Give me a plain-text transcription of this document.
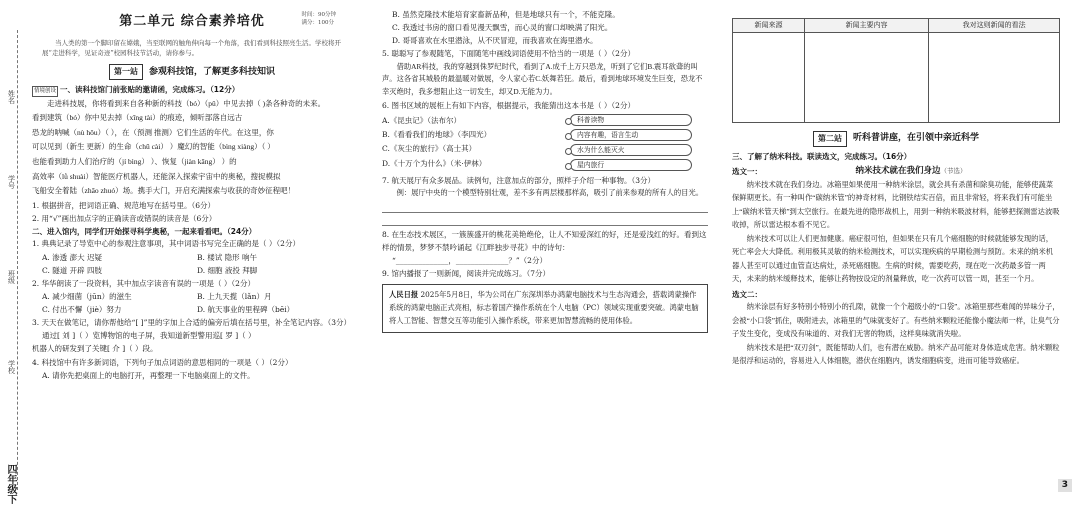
姓名
学号
班级
学校
四年级下
第二单元 综合素养培优	时间：90分钟
满分：100分
当人类的第一个脚印留在嫦娥，当至联网的触角伸向每一个角落，我们看到科技照亮生活。学校将开展“走进科学，见证奇迹”校园科技节活动，请你参与。
第一站	参观科技馆，了解更多科技知识
情境创设 一、读科技馆门前张贴的邀请函，完成练习。（12分）
走进科技展，你将看到来自各种新的科技（bó）（pǔ）中见去掉（ )条各种奇的未来。
看到建筑（bó）你中见去掉（xīng tài）的痕迹，倾听部落自远古
恐龙的呐喊（nù hǒu）（ ），在（预测 推测）它们生活的年代。在这里，你
可以见到（新生 更新）的生命（chū cài） ）魔幻的智能（bìng xiàng）（ ）
也能看到助力人们治疗的（jí bìng） ）、恢复（jiàn kāng） ）的
高效率（lǜ shuài）智能医疗机器人，还能深入探索宇宙中的奥秘，搜捉模拟
飞船安全着陆（zhāo zhuó）场。携手大门，开启充满探索与收获的奇妙征程吧！
1. 根据拼音，把词语正确、规范地写在括号里。（6分）
2. 用“√”画出加点字的正确读音或错误的读音是（6分）
二、进入馆内，同学们开始探寻科学奥秘，一起来看看吧。（24分）
1. 典典记录了导览中心的参观注意事项，其中词语书写完全正确的是（ ）（2分）
A. 渗透 澎大 迟疑	B. 楼试 隐形 响午
C. 隧道 开辟 四肢	D. 细胞 液投 拜脚
2. 华华朗读了一段资料，其中加点字读音有误的一项是（ ）（2分）
A. 减少细菌（jūn）的滋生	B. 上九天揽（lǎn）月
C. 付出不懈（jiè）努力	D. 航天事业的里程碑（bēi）
3. 天天在做笔记，请你帮他给“[ ]”里的字加上合适的偏旁后填在括号里，补全笔记内容。（3分）
通过[ 刘 ]（ ）览博物馆的电子屏，我知道新型警用巡[ 罗 ]（ ）
机器人的研发到了关键[ 介 ]（ ）段。
4. 科技馆中有许多新词语，下列句子加点词语的意思相同的一项是（ ）（2分）
A. 请你先把桌面上的电脑打开，再整理一下电脑桌面上的文件。
B. 虽然克隆技术能培育家畜新品种，但是地球只有一个，不能克隆。
C. 我透过书房的窗口看见漫天飘雪，而心灵的窗口却映满了阳光。
D. 哥哥喜欢在水里潜泳，从不厌冒迎，而我喜欢在海里潜水。
5. 聪聪写了参观随笔，下面随笔中画线词语使用不恰当的一项是（ ）（2分）
借助AR科技，我的穿越到侏罗纪时代，看到了A.成千上万只恐龙，听到了它们B.震耳欲聋的叫声。这各省其城般的最温暖对做展，令人家心若C.妖舞若狂。最后，看到地球环境发生巨变，恐龙不幸灭绝时，我多想阻止这一切发生，却又D.无能为力。
6. 图书区域的展柜上有如下内容，根据提示，我能猜出这本书是（ ）（2分）
A.《昆虫记》（法布尔）
B.《看看我们的地球》（李四光）
C.《灰尘的旅行》（高士其）
D.《十万个为什么》（米·伊林）
科普读物
内容有趣，语言生动
水为什么能灭火
屋内旅行
7. 航天展厅有众多展品。读例句，注意加点的部分，照样子介绍一种事物。（3分）
例：展厅中央的一个模型特别壮观，差不多有两层楼那样高，吸引了前来参观的所有人的目光。
8. 在生态技术展区，一簇簇盛开的桃花美艳绝伦，让人不知爱深红的好，还是爱浅红的好。看到这样的情景，梦梦不禁吟诵起《江畔独步寻花》中的诗句：
“______________，______________？”（2分）
9. 馆内播报了一则新闻，阅读并完成练习。（7分）
人民日报 2025年5月8日，华为公司在广东深圳举办鸿蒙电脑技术与生态沟通会，搭载鸿蒙操作系统的鸿蒙电脑正式亮相，标志着国产操作系统在个人电脑（PC）领域实现重要突破。鸿蒙电脑将人工智能、智慧交互等功能引入操作系统，带来更加智慧流畅的使用体验。
新闻来源	新闻主要内容	我对这则新闻的看法

第二站	听科普讲座，在引领中亲近科学
三、了解了纳米科技。联读选文，完成练习。（16分）
选文一：	纳米技术就在我们身边（节选）
纳米技术就在我们身边。冰箱里如果使用一种纳米涂层，就会具有杀菌和除臭功能，能够使蔬菜保鲜期更长。有一种叫作“碳纳米管”的神奇材料，比钢铁结实百倍，而且非常轻，将来我们有可能坐上“碳纳米管天梯”到太空旅行。在最先进的隐形战机上，用到一种纳米吸波材料，能够把探测雷达波吸收掉，所以雷达根本看不见它。
纳米技术可以让人们更加健康。癌症很可怕，但如果在只有几个癌细胞的时候就能够发现的话，死亡率会大大降低。利用极其灵敏的纳米检测技术，可以实现疾病的早期检测与预防。未来的纳米机器人甚至可以通过血管直达病灶，杀死癌细胞。生病的时候，需要吃药，现在吃一次药最多管一两天，未来的纳米缓释技术，能够让药物按设定的剂量释放，吃一次药可以管一周，甚至一个月。
选文二：
纳米涂层有好多特别小特别小的孔隙，就像一个个超级小的“口袋”。冰箱里那些难闻的异味分子，会被“小口袋”抓住，吸附进去，冰箱里的气味就变好了。有些纳米颗粒还能像小魔法师一样，让臭气分子发生变化，变成没有味道的、对我们无害的物质，这样臭味就消失啦。
纳米技术是把“双刃剑”，既能帮助人们，也有潜在威胁。纳米产品可能对身体造成危害。纳米颗粒是很浮和运动的，容易进入人体细胞，潜伏在细胞内，诱发细胞病变，进而可能导致癌症。
3
